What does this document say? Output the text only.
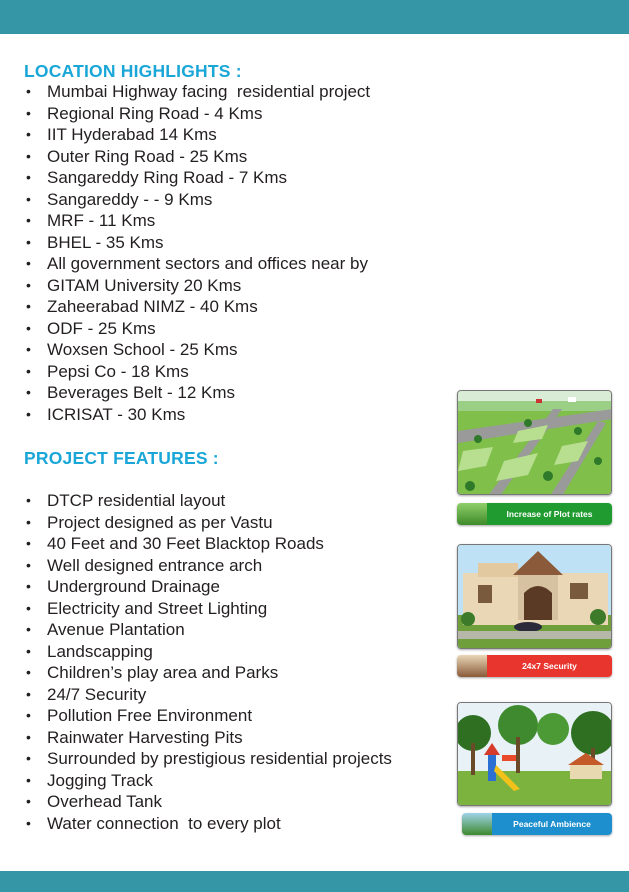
LOCATION HIGHLIGHTS :
• Mumbai Highway facing  residential project
• Regional Ring Road - 4 Kms
• IIT Hyderabad 14 Kms
• Outer Ring Road - 25 Kms
• Sangareddy Ring Road - 7 Kms
• Sangareddy - - 9 Kms
• MRF - 11 Kms
• BHEL - 35 Kms
• All government sectors and offices near by
• GITAM University 20 Kms
• Zaheerabad NIMZ - 40 Kms
• ODF - 25 Kms
• Woxsen School - 25 Kms
• Pepsi Co - 18 Kms
• Beverages Belt - 12 Kms
• ICRISAT - 30 Kms
PROJECT FEATURES :
• DTCP residential layout
• Project designed as per Vastu
• 40 Feet and 30 Feet Blacktop Roads
• Well designed entrance arch
• Underground Drainage
• Electricity and Street Lighting
• Avenue Plantation
• Landscapping
• Children’s play area and Parks
• 24/7 Security
• Pollution Free Environment
• Rainwater Harvesting Pits
• Surrounded by prestigious residential projects
• Jogging Track
• Overhead Tank
• Water connection  to every plot
Increase of Plot rates
24x7 Security
Peaceful Ambience
